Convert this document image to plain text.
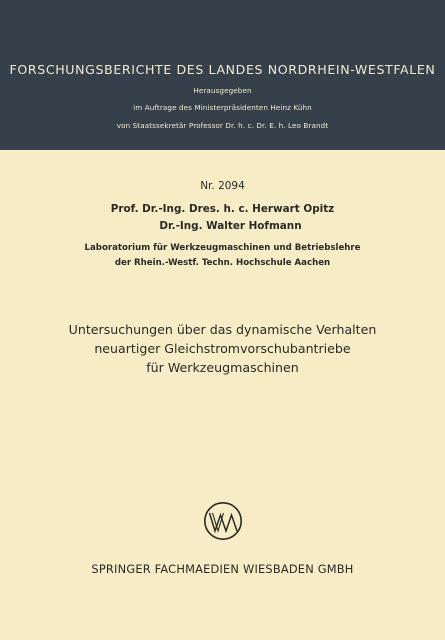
FORSCHUNGSBERICHTE DES LANDES NORDRHEIN-WESTFALEN
Herausgegeben
im Auftrage des Ministerpräsidenten Heinz Kühn
von Staatssekretär Professor Dr. h. c. Dr. E. h. Leo Brandt
Nr. 2094
Prof. Dr.-Ing. Dres. h. c. Herwart Opitz
Dr.-Ing. Walter Hofmann
Laboratorium für Werkzeugmaschinen und Betriebslehre
der Rhein.-Westf. Techn. Hochschule Aachen
Untersuchungen über das dynamische Verhalten
neuartiger Gleichstromvorschubantriebe
für Werkzeugmaschinen
SPRINGER FACHMAEDIEN WIESBADEN GMBH
